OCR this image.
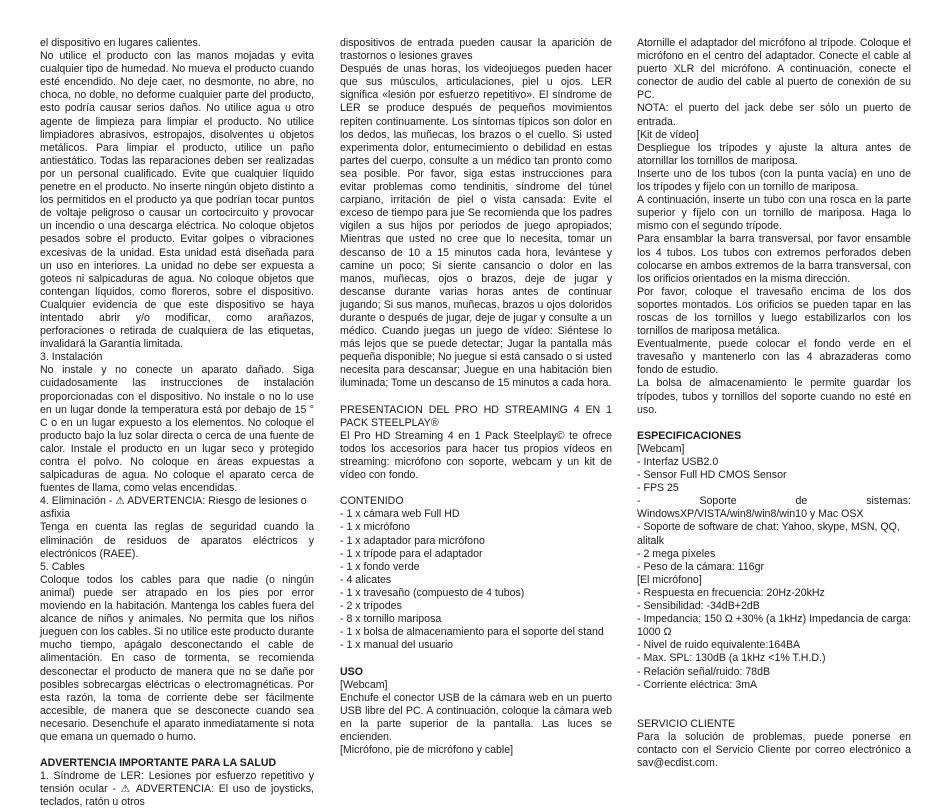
el dispositivo en lugares calientes.

No utilice el producto con las manos mojadas y evita cualquier tipo de humedad. No mueva el producto cuando esté encendido. No deje caer, no desmonte, no abre, no choca, no doble, no deforme cualquier parte del producto, esto podría causar serios daños. No utilice agua u otro agente de limpieza para limpiar el producto. No utilice limpiadores abrasivos, estropajos, disolventes u objetos metálicos. Para limpiar el producto, utilice un paño antiestático. Todas las reparaciones deben ser realizadas por un personal cualificado. Evite que cualquier líquido penetre en el producto. No inserte ningún objeto distinto a los permitidos en el producto ya que podrían tocar puntos de voltaje peligroso o causar un cortocircuito y provocar un incendio o una descarga eléctrica. No coloque objetos pesados sobre el producto. Evitar golpes o vibraciones excesivas de la unidad. Esta unidad está diseñada para un uso en interiores. La unidad no debe ser expuesta a goteos ni salpicaduras de agua. No coloque objetos que contengan líquidos, como floreros, sobre el dispositivo. Cualquier evidencia de que este dispositivo se haya intentado abrir y/o modificar, como arañazos, perforaciones o retirada de cualquiera de las etiquetas, invalidará la Garantía limitada.

3. Instalación

No instale y no conecte un aparato dañado. Siga cuidadosamente las instrucciones de instalación proporcionadas con el dispositivo. No instale o no lo use en un lugar donde la temperatura está por debajo de 15 ° C o en un lugar expuesto a los elementos. No coloque el producto bajo la luz solar directa o cerca de una fuente de calor. Instale el producto en un lugar seco y protegido contra el polvo. No coloque en áreas expuestas a salpicaduras de agua. No coloque el aparato cerca de fuentes de llama, como velas encendidas.

4. Eliminación - ⚠ ADVERTENCIA: Riesgo de lesiones o asfixia

Tenga en cuenta las reglas de seguridad cuando la eliminación de residuos de aparatos eléctricos y electrónicos (RAEE).

5. Cables

Coloque todos los cables para que nadie (o ningún animal) puede ser atrapado en los pies por error moviendo en la habitación. Mantenga los cables fuera del alcance de niños y animales. No permita que los niños jueguen con los cables. Si no utilice este producto durante mucho tiempo, apágalo desconectando el cable de alimentación. En caso de tormenta, se recomienda desconectar el producto de manera que no se dañe por posibles sobrecargas eléctricas o electromagnéticas. Por esta razón, la toma de corriente debe ser fácilmente accesible, de manera que se desconecte cuando sea necesario. Desenchufe el aparato inmediatamente si nota que emana un quemado o humo.

ADVERTENCIA IMPORTANTE PARA LA SALUD

1. Síndrome de LER: Lesiones por esfuerzo repetitivo y tensión ocular - ⚠ ADVERTENCIA: El uso de joysticks, teclados, ratón u otros

dispositivos de entrada pueden causar la aparición de trastornos o lesiones graves
Después de unas horas, los videojuegos pueden hacer que sus músculos, articulaciones, piel u ojos. LER significa «lesión por esfuerzo repetitivo». El síndrome de LER se produce después de pequeños movimientos repiten continuamente. Los síntomas típicos son dolor en los dedos, las muñecas, los brazos o el cuello. Si usted experimenta dolor, entumecimiento o debilidad en estas partes del cuerpo, consulte a un médico tan pronto como sea posible. Por favor, siga estas instrucciones para evitar problemas como tendinitis, síndrome del túnel carpiano, irritación de piel o vista cansada: Evite el exceso de tiempo para jue Se recomienda que los padres vigilen a sus hijos por periodos de juego apropiados; Mientras que usted no cree que lo necesita, tomar un descanso de 10 a 15 minutos cada hora, levántese y camine un poco; Si siente cansancio o dolor en las manos, muñecas, ojos o brazos, deje de jugar y descanse durante varias horas antes de continuar jugando; Si sus manos, muñecas, brazos u ojos doloridos durante o después de jugar, deje de jugar y consulte a un médico. Cuando juegas un juego de vídeo: Siéntese lo más lejos que se puede detectar; Jugar la pantalla más pequeña disponible; No juegue si está cansado o si usted necesita para descansar; Juegue en una habitación bien iluminada; Tome un descanso de 15 minutos a cada hora.

PRESENTACION DEL PRO HD STREAMING 4 EN 1 PACK STEELPLAY®

El Pro HD Streaming 4 en 1 Pack Steelplay© te ofrece todos los accesorios para hacer tus propios vídeos en streaming: micrófono con soporte, webcam y un kit de vídeo con fondo.

CONTENIDO

- 1 x cámara web Full HD

- 1 x micrófono

- 1 x adaptador para micrófono

- 1 x trípode para el adaptador

- 1 x fondo verde

- 4 alicates

- 1 x travesaño (compuesto de 4 tubos)

- 2 x trípodes

- 8 x tornillo mariposa

- 1 x bolsa de almacenamiento para el soporte del stand

- 1 x manual del usuario

USO

[Webcam]

Enchufe el conector USB de la cámara web en un puerto USB libre del PC. A continuación, coloque la cámara web en la parte superior de la pantalla. Las luces se encienden.

[Micrófono, pie de micrófono y cable]

Atornille el adaptador del micrófono al trípode. Coloque el micrófono en el centro del adaptador. Conecte el cable al puerto XLR del micrófono. A continuación, conecte el conector de audio del cable al puerto de conexión de su PC.

NOTA: el puerto del jack debe ser sólo un puerto de entrada.

[Kit de vídeo]

Despliegue los trípodes y ajuste la altura antes de atornillar los tornillos de mariposa.

Inserte uno de los tubos (con la punta vacía) en uno de los trípodes y fíjelo con un tornillo de mariposa.

A continuación, inserte un tubo con una rosca en la parte superior y fíjelo con un tornillo de mariposa. Haga lo mismo con el segundo trípode.

Para ensamblar la barra transversal, por favor ensamble los 4 tubos. Los tubos con extremos perforados deben colocarse en ambos extremos de la barra transversal, con los orificios orientados en la misma dirección.

Por favor, coloque el travesaño encima de los dos soportes montados. Los orificios se pueden tapar en las roscas de los tornillos y luego estabilizarlos con los tornillos de mariposa metálica.

Eventualmente, puede colocar el fondo verde en el travesaño y mantenerlo con las 4 abrazaderas como fondo de estudio.

La bolsa de almacenamiento le permite guardar los trípodes, tubos y tornillos del soporte cuando no esté en uso.

ESPECIFICACIONES

[Webcam]

- Interfaz USB2.0

- Sensor Full HD CMOS Sensor

- FPS 25

- Soporte de sistemas: WindowsXP/VISTA/win8/win8/win10 y Mac OSX

- Soporte de software de chat: Yahoo, skype, MSN, QQ, alitalk

- 2 mega píxeles

- Peso de la cámara: 116gr

[El micrófono]

- Respuesta en frecuencia: 20Hz-20kHz

- Sensibilidad: -34dB+2dB

- Impedancia: 150 Ω +30% (a 1kHz) Impedancia de carga: 1000 Ω

- Nivel de ruido equivalente:164BA

- Max. SPL: 130dB (a 1kHz <1% T.H.D.)

- Relación señal/ruido: 78dB

- Corriente eléctrica: 3mA

SERVICIO CLIENTE

Para la solución de problemas, puede ponerse en contacto con el Servicio Cliente por correo electrónico a sav@ecdist.com.
